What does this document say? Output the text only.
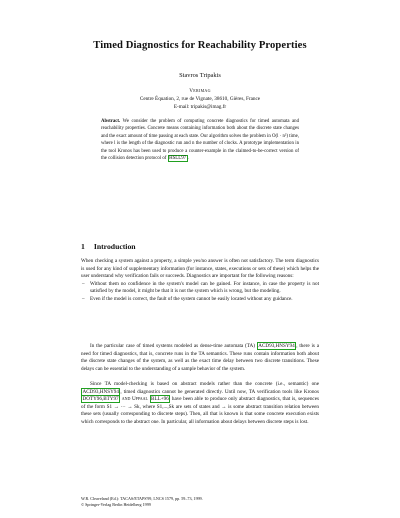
Timed Diagnostics for Reachability Properties
Stavros Tripakis
Verimag
Centre Équation, 2, rue de Vignate, 38610, Gières, France
E-mail: tripakis@imag.fr
Abstract. We consider the problem of computing concrete diagnostics for timed automata and reachability properties. Concrete means containing information both about the discrete state changes and the exact amount of time passing at each state. Our algorithm solves the problem in O(l · n²) time, where l is the length of the diagnostic run and n the number of clocks. A prototype implementation in the tool Kronos has been used to produce a counter-example in the claimed-to-be-correct version of the collision detection protocol of HSLL97 .
1 Introduction
When checking a system against a property, a simple yes/no answer is often not satisfactory. The term diagnostics is used for any kind of supplementary information (for instance, states, executions or sets of these) which helps the user understand why verification fails or succeeds. Diagnostics are important for the following reasons:
– Without them no confidence in the system's model can be gained. For instance, in case the property is not satisfied by the model, it might be that it is not the system which is wrong, but the modeling.
– Even if the model is correct, the fault of the system cannot be easily located without any guidance.
In the particular case of timed systems modeled as dense-time automata (TA) ACD93,HNSY94 , there is a need for timed diagnostics, that is, concrete runs in the TA semantics. These runs contain information both about the discrete state changes of the system, as well as the exact time delay between two discrete transitions. These delays can be essential to the understanding of a sample behavior of the system.
Since TA model-checking is based on abstract models rather than the concrete (i.e., semantic) one ACD93,HNSY94 , timed diagnostics cannot be generated directly. Until now, TA verification tools like Kronos DOTY96,BTY97 and Uppaal BLL+96 have been able to produce only abstract diagnostics, that is, sequences of the form S1 → ··· → Sk, where S1,...,Sk are sets of states and → is some abstract transition relation between these sets (usually corresponding to discrete steps). Then, all that is known is that some concrete execution exists which corresponds to the abstract one. In particular, all information about delays between discrete steps is lost.
W.R. Cleaveland (Ed.): TACAS/ETAPS'99, LNCS 1579, pp. 59–73, 1999.
© Springer-Verlag Berlin Heidelberg 1999
